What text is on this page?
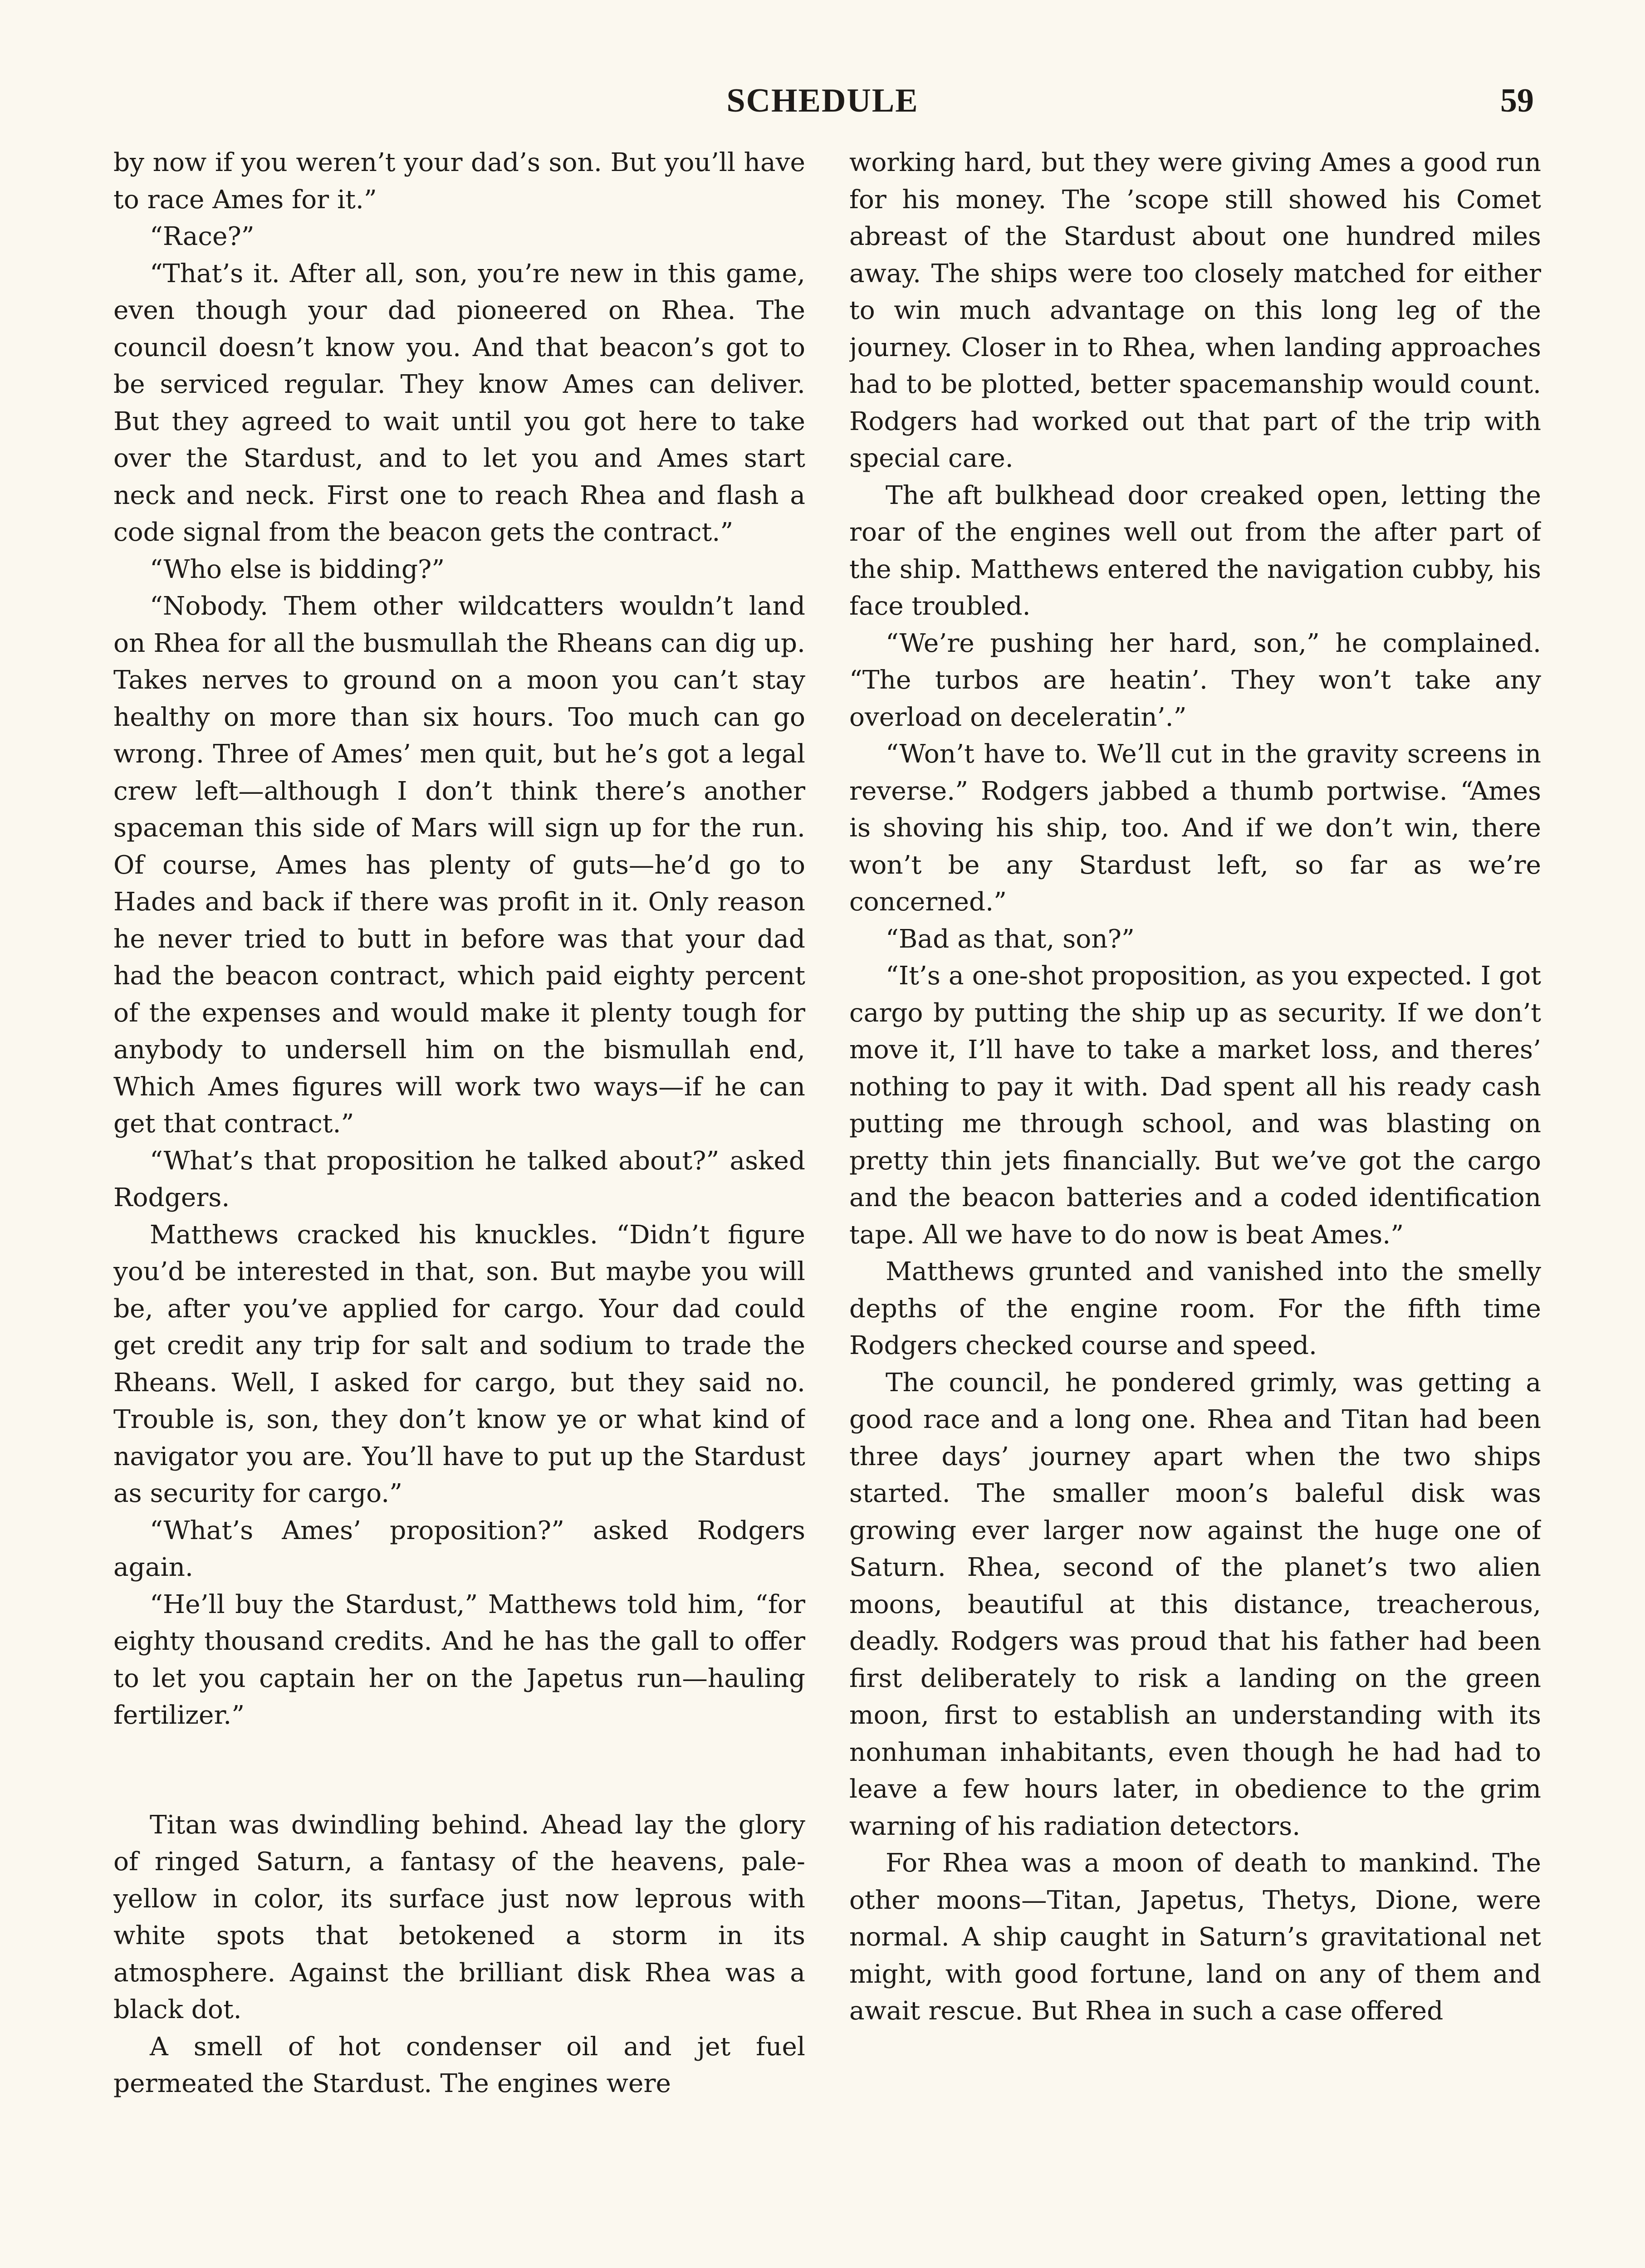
SCHEDULE	59

by now if you weren’t your dad’s son. But you’ll have to race Ames for it.”

“Race?”

“That’s it. After all, son, you’re new in this game, even though your dad pioneered on Rhea. The council doesn’t know you. And that beacon’s got to be serviced regular. They know Ames can deliver. But they agreed to wait until you got here to take over the Stardust, and to let you and Ames start neck and neck. First one to reach Rhea and flash a code signal from the beacon gets the contract.”

“Who else is bidding?”

“Nobody. Them other wildcatters wouldn’t land on Rhea for all the busmullah the Rheans can dig up. Takes nerves to ground on a moon you can’t stay healthy on more than six hours. Too much can go wrong. Three of Ames’ men quit, but he’s got a legal crew left—although I don’t think there’s another spaceman this side of Mars will sign up for the run. Of course, Ames has plenty of guts—he’d go to Hades and back if there was profit in it. Only reason he never tried to butt in before was that your dad had the beacon contract, which paid eighty percent of the expenses and would make it plenty tough for anybody to undersell him on the bismullah end, Which Ames figures will work two ways—if he can get that contract.”

“What’s that proposition he talked about?” asked Rodgers.

Matthews cracked his knuckles. “Didn’t figure you’d be interested in that, son. But maybe you will be, after you’ve applied for cargo. Your dad could get credit any trip for salt and sodium to trade the Rheans. Well, I asked for cargo, but they said no. Trouble is, son, they don’t know ye or what kind of navigator you are. You’ll have to put up the Stardust as security for cargo.”

“What’s Ames’ proposition?” asked Rodgers again.

“He’ll buy the Stardust,” Matthews told him, “for eighty thousand credits. And he has the gall to offer to let you captain her on the Japetus run—hauling fertilizer.”

Titan was dwindling behind. Ahead lay the glory of ringed Saturn, a fantasy of the heavens, pale-yellow in color, its surface just now leprous with white spots that betokened a storm in its atmosphere. Against the brilliant disk Rhea was a black dot.

A smell of hot condenser oil and jet fuel permeated the Stardust. The engines were

working hard, but they were giving Ames a good run for his money. The ’scope still showed his Comet abreast of the Stardust about one hundred miles away. The ships were too closely matched for either to win much advantage on this long leg of the journey. Closer in to Rhea, when landing approaches had to be plotted, better spacemanship would count. Rodgers had worked out that part of the trip with special care.

The aft bulkhead door creaked open, letting the roar of the engines well out from the after part of the ship. Matthews entered the navigation cubby, his face troubled.

“We’re pushing her hard, son,” he complained. “The turbos are heatin’. They won’t take any overload on deceleratin’.”

“Won’t have to. We’ll cut in the gravity screens in reverse.” Rodgers jabbed a thumb portwise. “Ames is shoving his ship, too. And if we don’t win, there won’t be any Stardust left, so far as we’re concerned.”

“Bad as that, son?”

“It’s a one-shot proposition, as you expected. I got cargo by putting the ship up as security. If we don’t move it, I’ll have to take a market loss, and theres’ nothing to pay it with. Dad spent all his ready cash putting me through school, and was blasting on pretty thin jets financially. But we’ve got the cargo and the beacon batteries and a coded identification tape. All we have to do now is beat Ames.”

Matthews grunted and vanished into the smelly depths of the engine room. For the fifth time Rodgers checked course and speed.

The council, he pondered grimly, was getting a good race and a long one. Rhea and Titan had been three days’ journey apart when the two ships started. The smaller moon’s baleful disk was growing ever larger now against the huge one of Saturn. Rhea, second of the planet’s two alien moons, beautiful at this distance, treacherous, deadly. Rodgers was proud that his father had been first deliberately to risk a landing on the green moon, first to establish an understanding with its nonhuman inhabitants, even though he had had to leave a few hours later, in obedience to the grim warning of his radiation detectors.

For Rhea was a moon of death to mankind. The other moons—Titan, Japetus, Thetys, Dione, were normal. A ship caught in Saturn’s gravitational net might, with good fortune, land on any of them and await rescue. But Rhea in such a case offered
